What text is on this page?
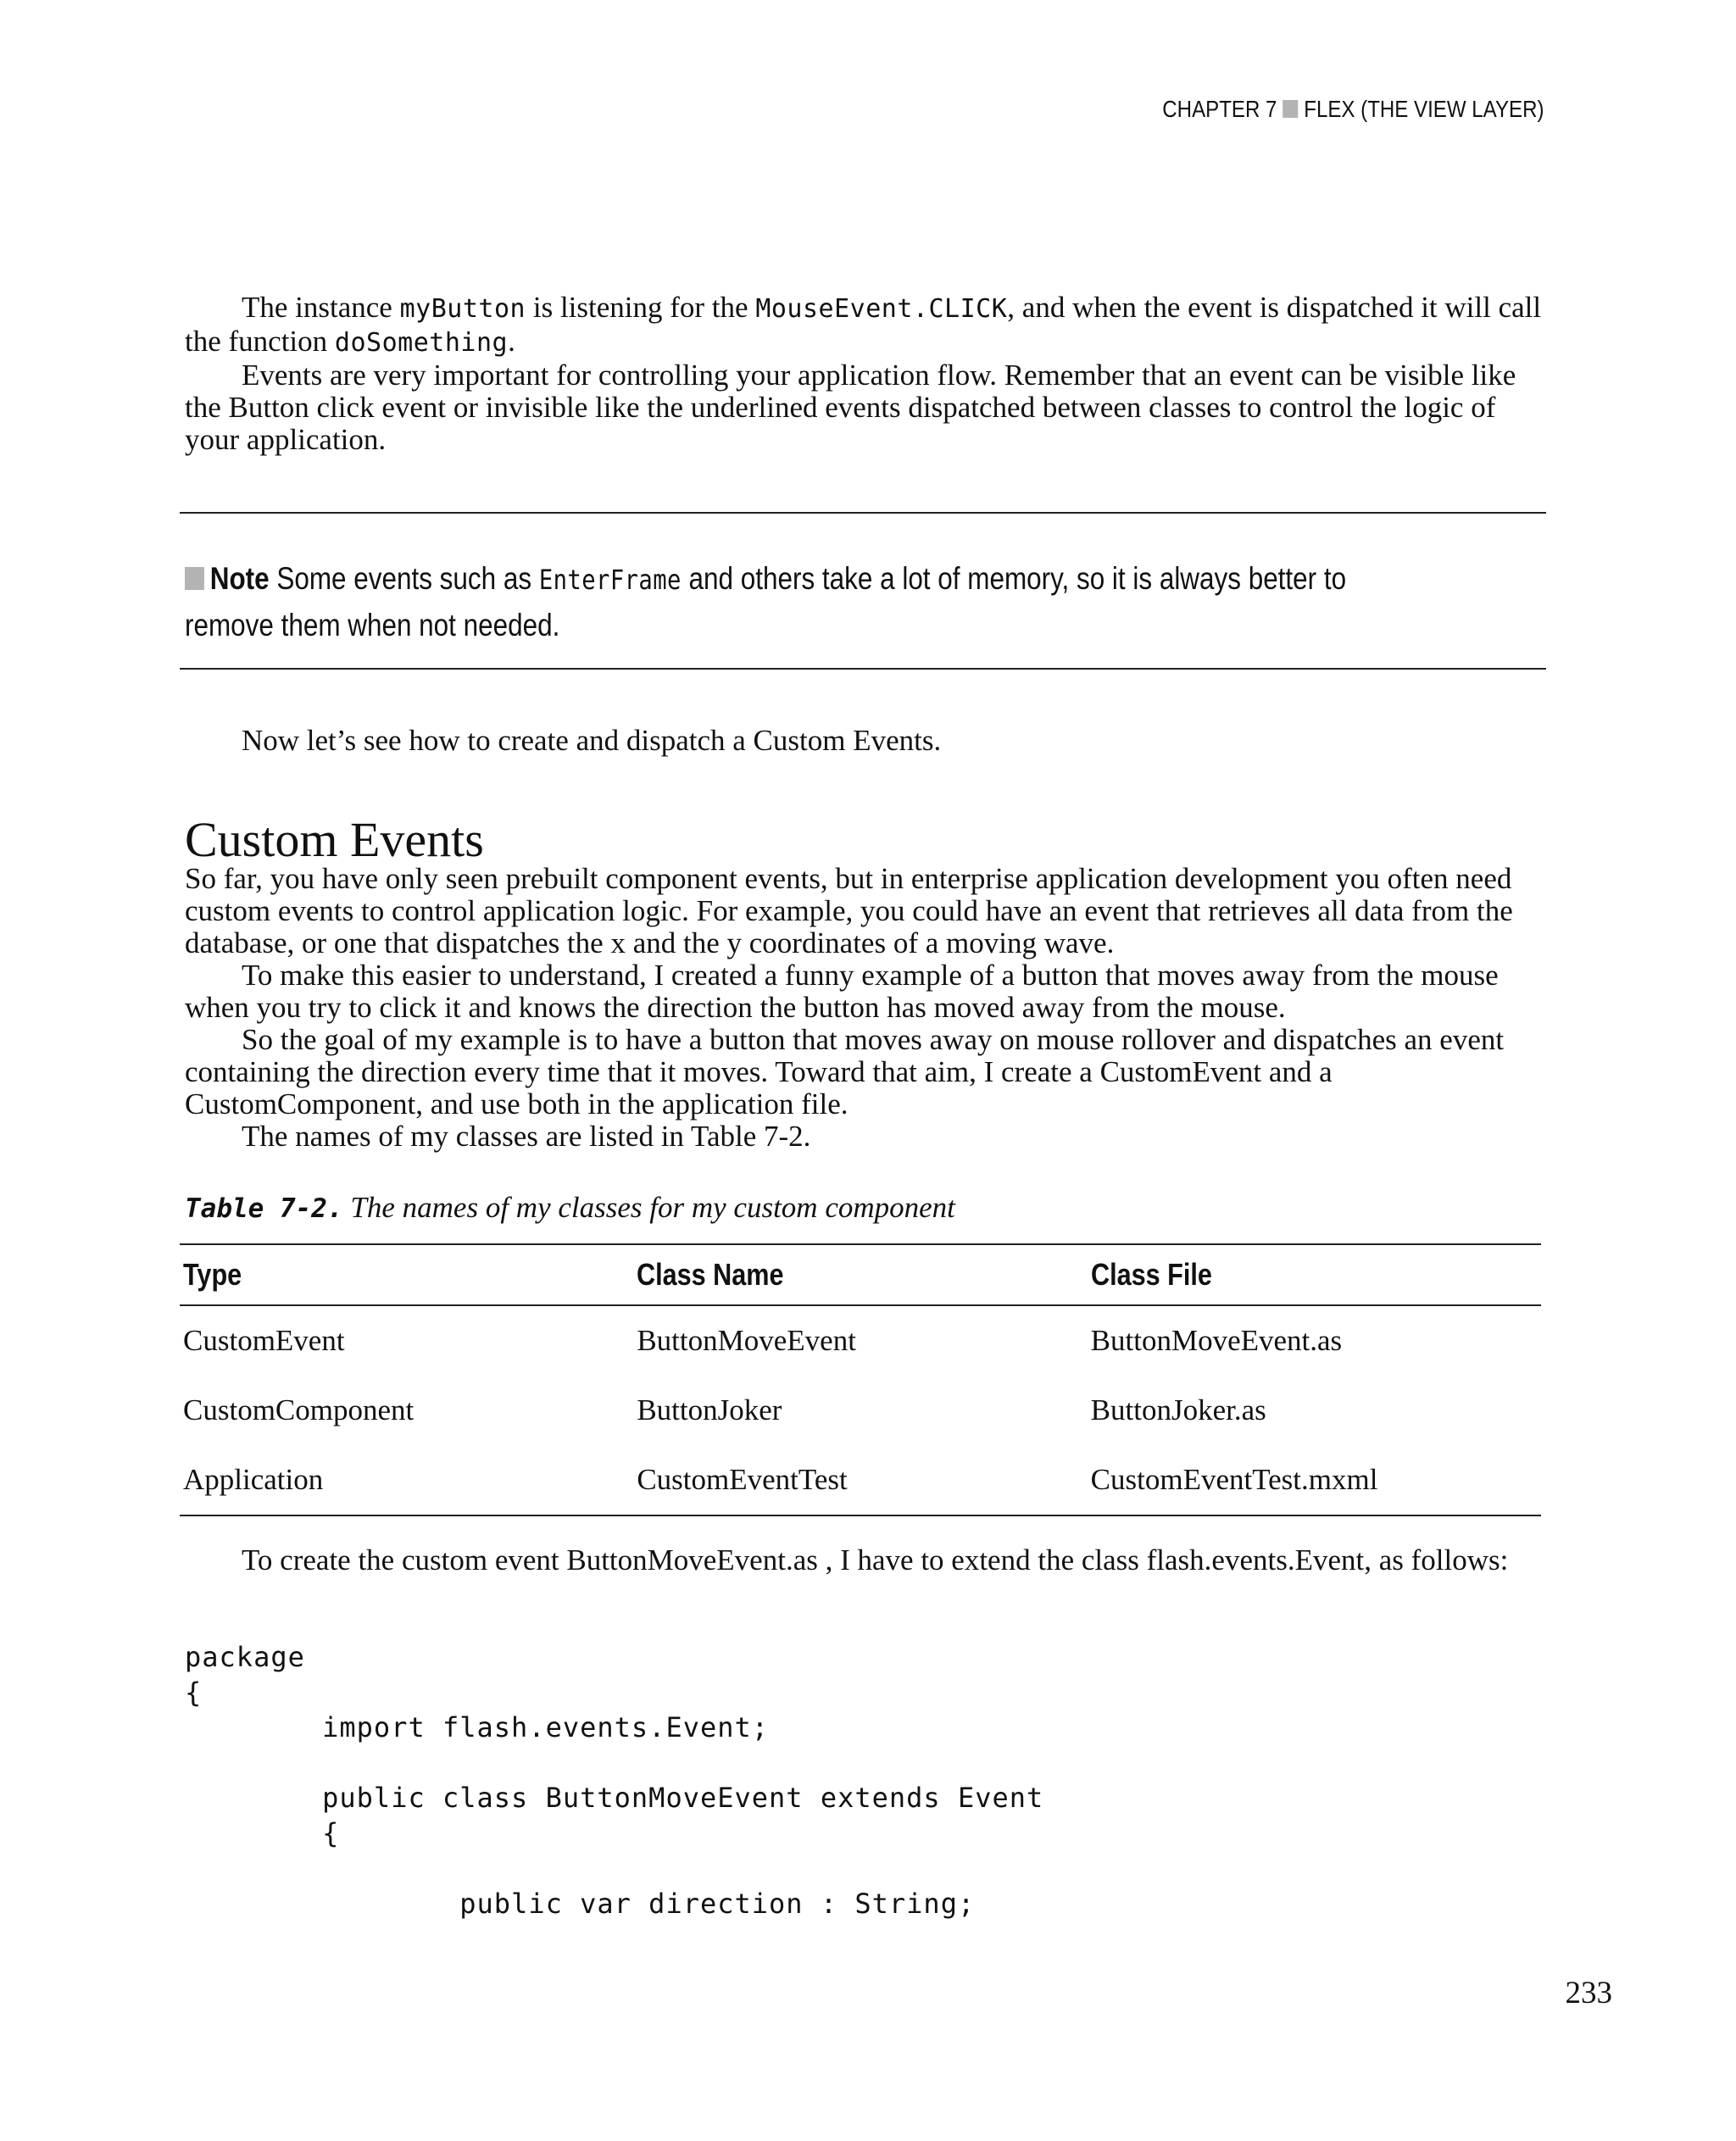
CHAPTER 7 FLEX (THE VIEW LAYER)

The instance myButton is listening for the MouseEvent.CLICK, and when the event is dispatched it will call the function doSomething.

Events are very important for controlling your application flow. Remember that an event can be visible like the Button click event or invisible like the underlined events dispatched between classes to control the logic of your application.

Note Some events such as EnterFrame and others take a lot of memory, so it is always better to remove them when not needed.

Now let’s see how to create and dispatch a Custom Events.

Custom Events

So far, you have only seen prebuilt component events, but in enterprise application development you often need custom events to control application logic. For example, you could have an event that retrieves all data from the database, or one that dispatches the x and the y coordinates of a moving wave.

To make this easier to understand, I created a funny example of a button that moves away from the mouse when you try to click it and knows the direction the button has moved away from the mouse.

So the goal of my example is to have a button that moves away on mouse rollover and dispatches an event containing the direction every time that it moves. Toward that aim, I create a CustomEvent and a CustomComponent, and use both in the application file.

The names of my classes are listed in Table 7-2.

Table 7-2. The names of my classes for my custom component
Type	Class Name	Class File
CustomEvent	ButtonMoveEvent	ButtonMoveEvent.as
CustomComponent	ButtonJoker	ButtonJoker.as
Application	CustomEventTest	CustomEventTest.mxml

To create the custom event ButtonMoveEvent.as , I have to extend the class flash.events.Event, as follows:

package
{
import flash.events.Event;

public class ButtonMoveEvent extends Event
{

public var direction : String;
233
